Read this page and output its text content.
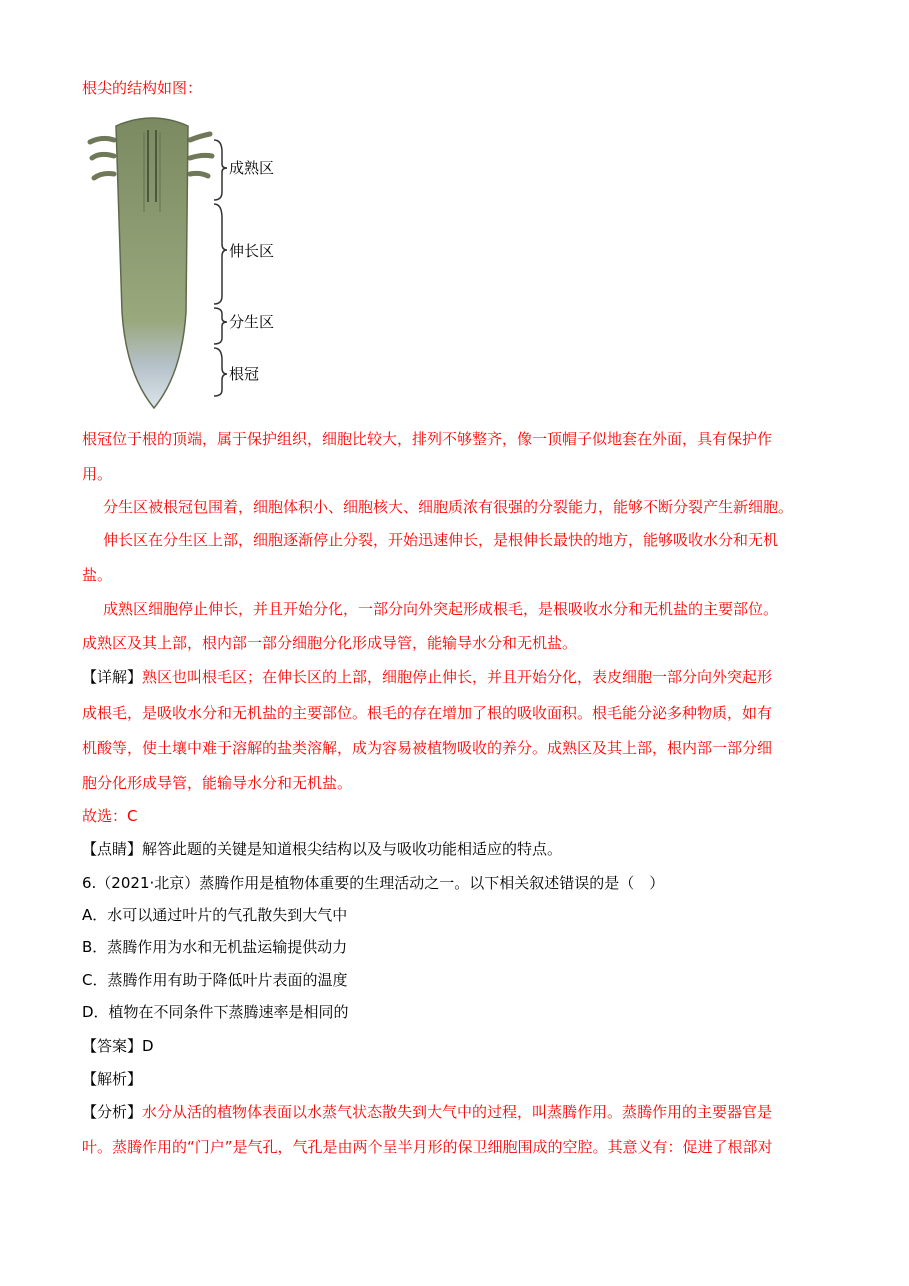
根尖的结构如图：
成熟区
伸长区
分生区
根冠
根冠位于根的顶端，属于保护组织，细胞比较大，排列不够整齐，像一顶帽子似地套在外面，具有保护作
用。
分生区被根冠包围着，细胞体积小、细胞核大、细胞质浓有很强的分裂能力，能够不断分裂产生新细胞。
伸长区在分生区上部，细胞逐渐停止分裂，开始迅速伸长，是根伸长最快的地方，能够吸收水分和无机
盐。
成熟区细胞停止伸长，并且开始分化，一部分向外突起形成根毛，是根吸收水分和无机盐的主要部位。
成熟区及其上部，根内部一部分细胞分化形成导管，能输导水分和无机盐。
【详解】熟区也叫根毛区；在伸长区的上部，细胞停止伸长，并且开始分化，表皮细胞一部分向外突起形
成根毛，是吸收水分和无机盐的主要部位。根毛的存在增加了根的吸收面积。根毛能分泌多种物质，如有
机酸等，使土壤中难于溶解的盐类溶解，成为容易被植物吸收的养分。成熟区及其上部，根内部一部分细
胞分化形成导管，能输导水分和无机盐。
故选：C
【点睛】解答此题的关键是知道根尖结构以及与吸收功能相适应的特点。
6.（2021·北京）蒸腾作用是植物体重要的生理活动之一。以下相关叙述错误的是（　）
A．水可以通过叶片的气孔散失到大气中
B．蒸腾作用为水和无机盐运输提供动力
C．蒸腾作用有助于降低叶片表面的温度
D．植物在不同条件下蒸腾速率是相同的
【答案】D
【解析】
【分析】水分从活的植物体表面以水蒸气状态散失到大气中的过程，叫蒸腾作用。蒸腾作用的主要器官是
叶。蒸腾作用的“门户”是气孔，气孔是由两个呈半月形的保卫细胞围成的空腔。其意义有：促进了根部对
